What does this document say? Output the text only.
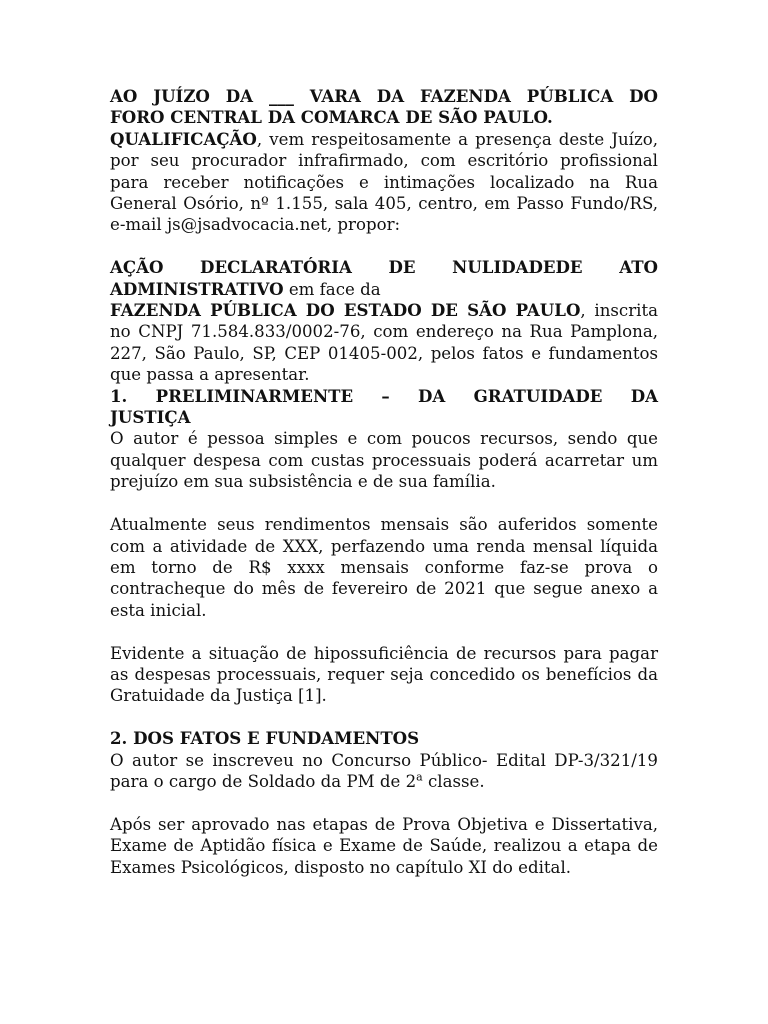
AO JUÍZO DA ___ VARA DA FAZENDA PÚBLICA DO

FORO CENTRAL DA COMARCA DE SÃO PAULO.

QUALIFICAÇÃO, vem respeitosamente a presença deste Juízo, por seu procurador infrafirmado, com escritório profissional para receber notificações e intimações localizado na Rua General Osório, nº 1.155, sala 405, centro, em Passo Fundo/RS, e-mail js@jsadvocacia.net, propor:

AÇÃO DECLARATÓRIA DE NULIDADEDE ATO

ADMINISTRATIVO em face da

FAZENDA PÚBLICA DO ESTADO DE SÃO PAULO, inscrita no CNPJ 71.584.833/0002-76, com endereço na Rua Pamplona, 227, São Paulo, SP, CEP 01405-002, pelos fatos e fundamentos que passa a apresentar.

1. PRELIMINARMENTE – DA GRATUIDADE DA

JUSTIÇA

O autor é pessoa simples e com poucos recursos, sendo que qualquer despesa com custas processuais poderá acarretar um prejuízo em sua subsistência e de sua família.

Atualmente seus rendimentos mensais são auferidos somente com a atividade de XXX, perfazendo uma renda mensal líquida em torno de R$ xxxx mensais conforme faz-se prova o contracheque do mês de fevereiro de 2021 que segue anexo a esta inicial.

Evidente a situação de hipossuficiência de recursos para pagar as despesas processuais, requer seja concedido os benefícios da Gratuidade da Justiça [1].

2. DOS FATOS E FUNDAMENTOS

O autor se inscreveu no Concurso Público- Edital DP-3/321/19 para o cargo de Soldado da PM de 2$^a$ classe.

Após ser aprovado nas etapas de Prova Objetiva e Dissertativa, Exame de Aptidão física e Exame de Saúde, realizou a etapa de Exames Psicológicos, disposto no capítulo XI do edital.
